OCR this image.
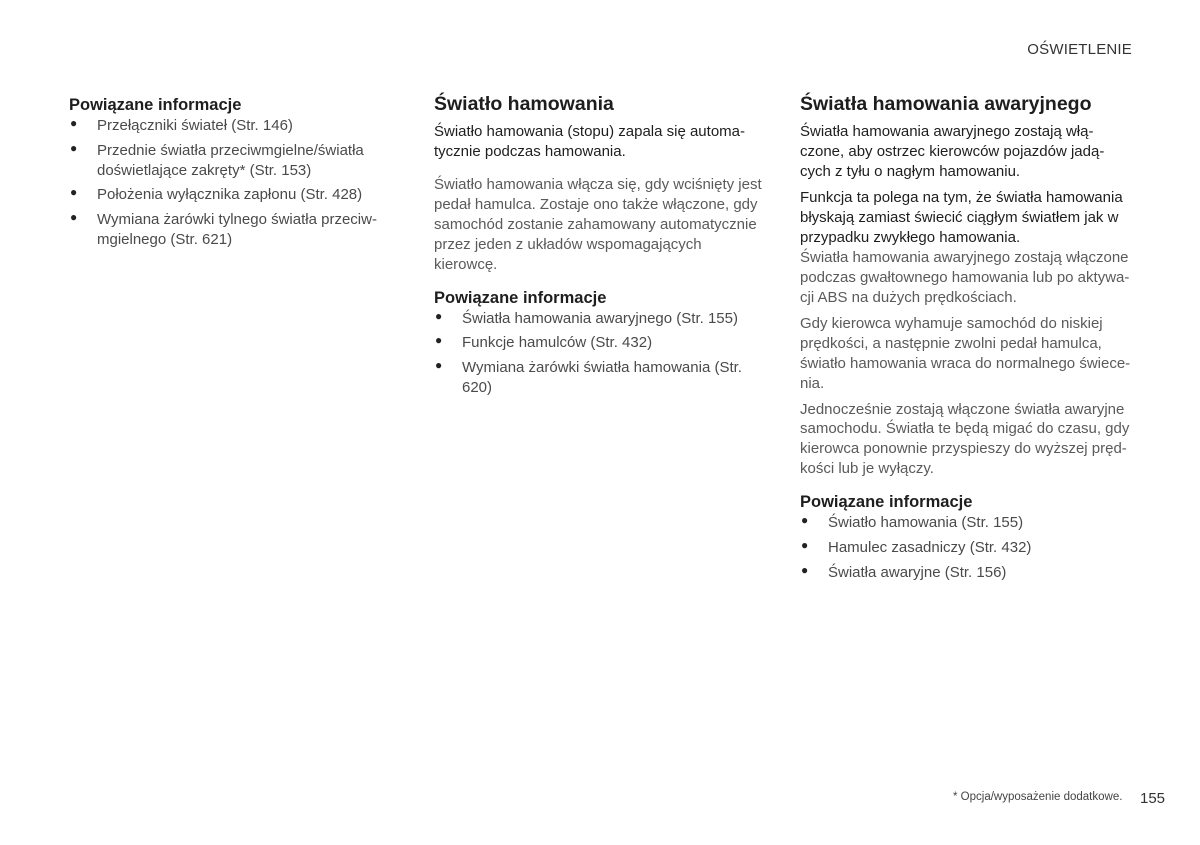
OŚWIETLENIE
Powiązane informacje
● Przełączniki świateł (Str. 146)
● Przednie światła przeciwmgielne/światła doświetlające zakręty* (Str. 153)
● Położenia wyłącznika zapłonu (Str. 428)
● Wymiana żarówki tylnego światła przeciw-mgielnego (Str. 621)
Światło hamowania

Światło hamowania (stopu) zapala się automa-tycznie podczas hamowania.

Światło hamowania włącza się, gdy wciśnięty jest pedał hamulca. Zostaje ono także włączone, gdy samochód zostanie zahamowany automatycznie przez jeden z układów wspomagających kierowcę.

Powiązane informacje
● Światła hamowania awaryjnego (Str. 155)
● Funkcje hamulców (Str. 432)
● Wymiana żarówki światła hamowania (Str. 620)
Światła hamowania awaryjnego

Światła hamowania awaryjnego zostają włą-czone, aby ostrzec kierowców pojazdów jadą-cych z tyłu o nagłym hamowaniu.

Funkcja ta polega na tym, że światła hamowania błyskają zamiast świecić ciągłym światłem jak w przypadku zwykłego hamowania.

Światła hamowania awaryjnego zostają włączone podczas gwałtownego hamowania lub po aktywa-cji ABS na dużych prędkościach.

Gdy kierowca wyhamuje samochód do niskiej prędkości, a następnie zwolni pedał hamulca, światło hamowania wraca do normalnego świece-nia.

Jednocześnie zostają włączone światła awaryjne samochodu. Światła te będą migać do czasu, gdy kierowca ponownie przyspieszy do wyższej pręd-kości lub je wyłączy.

Powiązane informacje
● Światło hamowania (Str. 155)
● Hamulec zasadniczy (Str. 432)
● Światła awaryjne (Str. 156)
* Opcja/wyposażenie dodatkowe. 155
